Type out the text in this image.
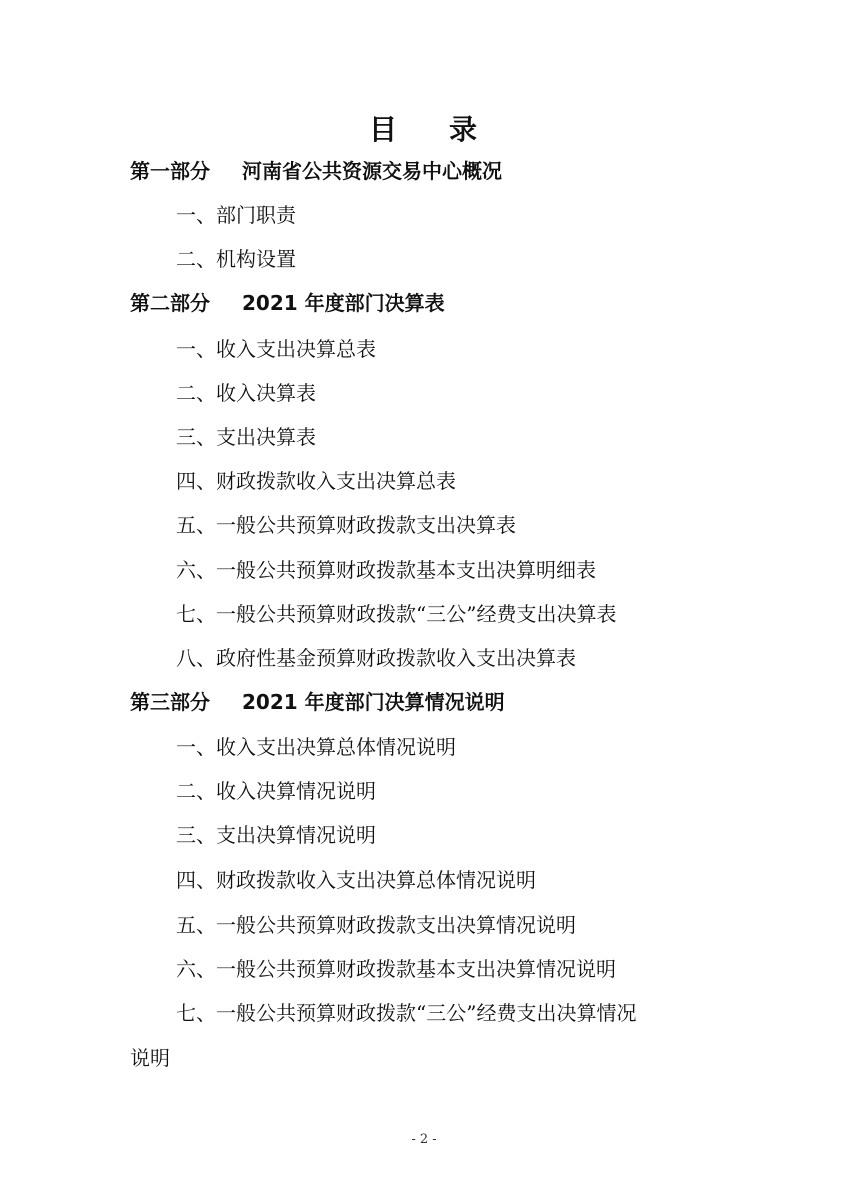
目 录
第一部分 河南省公共资源交易中心概况
一、部门职责
二、机构设置
第二部分 2021 年度部门决算表
一、收入支出决算总表
二、收入决算表
三、支出决算表
四、财政拨款收入支出决算总表
五、一般公共预算财政拨款支出决算表
六、一般公共预算财政拨款基本支出决算明细表
七、一般公共预算财政拨款“三公”经费支出决算表
八、政府性基金预算财政拨款收入支出决算表
第三部分 2021 年度部门决算情况说明
一、收入支出决算总体情况说明
二、收入决算情况说明
三、支出决算情况说明
四、财政拨款收入支出决算总体情况说明
五、一般公共预算财政拨款支出决算情况说明
六、一般公共预算财政拨款基本支出决算情况说明
七、一般公共预算财政拨款“三公”经费支出决算情况
说明
- 2 -
